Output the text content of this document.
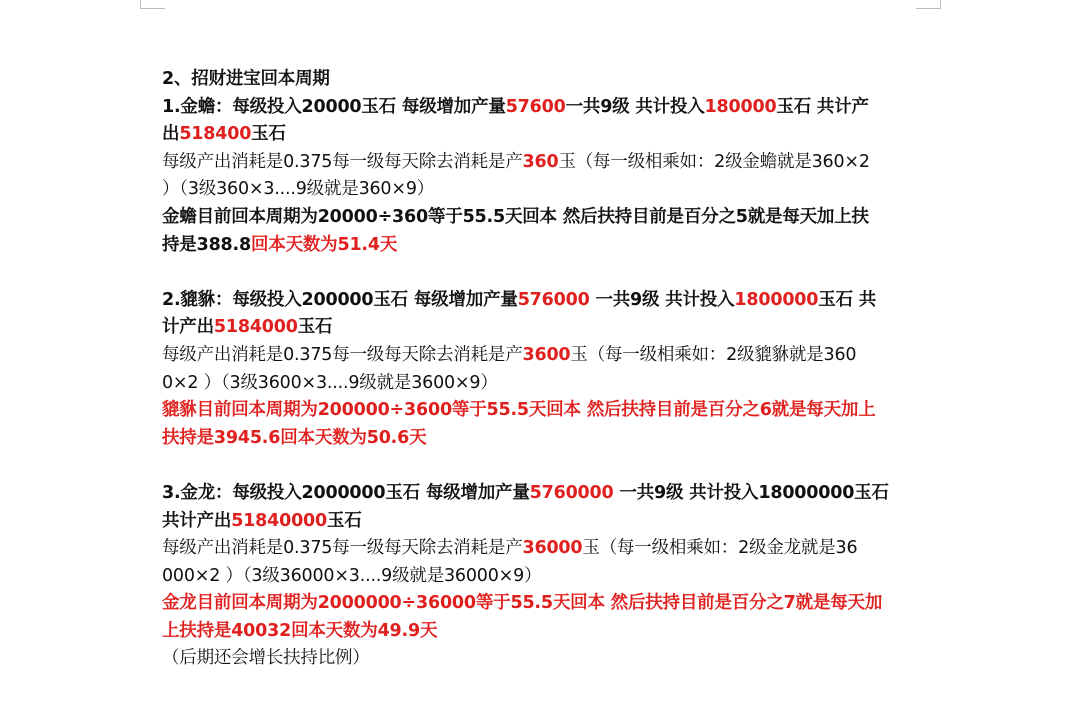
2、招财进宝回本周期
1.金蟾：每级投入20000玉石 每级增加产量57600一共9级 共计投入180000玉石 共计产
出518400玉石
每级产出消耗是0.375每一级每天除去消耗是产360玉（每一级相乘如：2级金蟾就是360×2
）（3级360×3....9级就是360×9）
金蟾目前回本周期为20000÷360等于55.5天回本 然后扶持目前是百分之5就是每天加上扶
持是388.8回本天数为51.4天
2.貔貅：每级投入200000玉石 每级增加产量576000 一共9级 共计投入1800000玉石 共
计产出5184000玉石
每级产出消耗是0.375每一级每天除去消耗是产3600玉（每一级相乘如：2级貔貅就是360
0×2 ）（3级3600×3....9级就是3600×9）
貔貅目前回本周期为200000÷3600等于55.5天回本 然后扶持目前是百分之6就是每天加上
扶持是3945.6回本天数为50.6天
3.金龙：每级投入2000000玉石 每级增加产量5760000 一共9级 共计投入18000000玉石
共计产出51840000玉石
每级产出消耗是0.375每一级每天除去消耗是产36000玉（每一级相乘如：2级金龙就是36
000×2 ）（3级36000×3....9级就是36000×9）
金龙目前回本周期为2000000÷36000等于55.5天回本 然后扶持目前是百分之7就是每天加
上扶持是40032回本天数为49.9天
（后期还会增长扶持比例）
